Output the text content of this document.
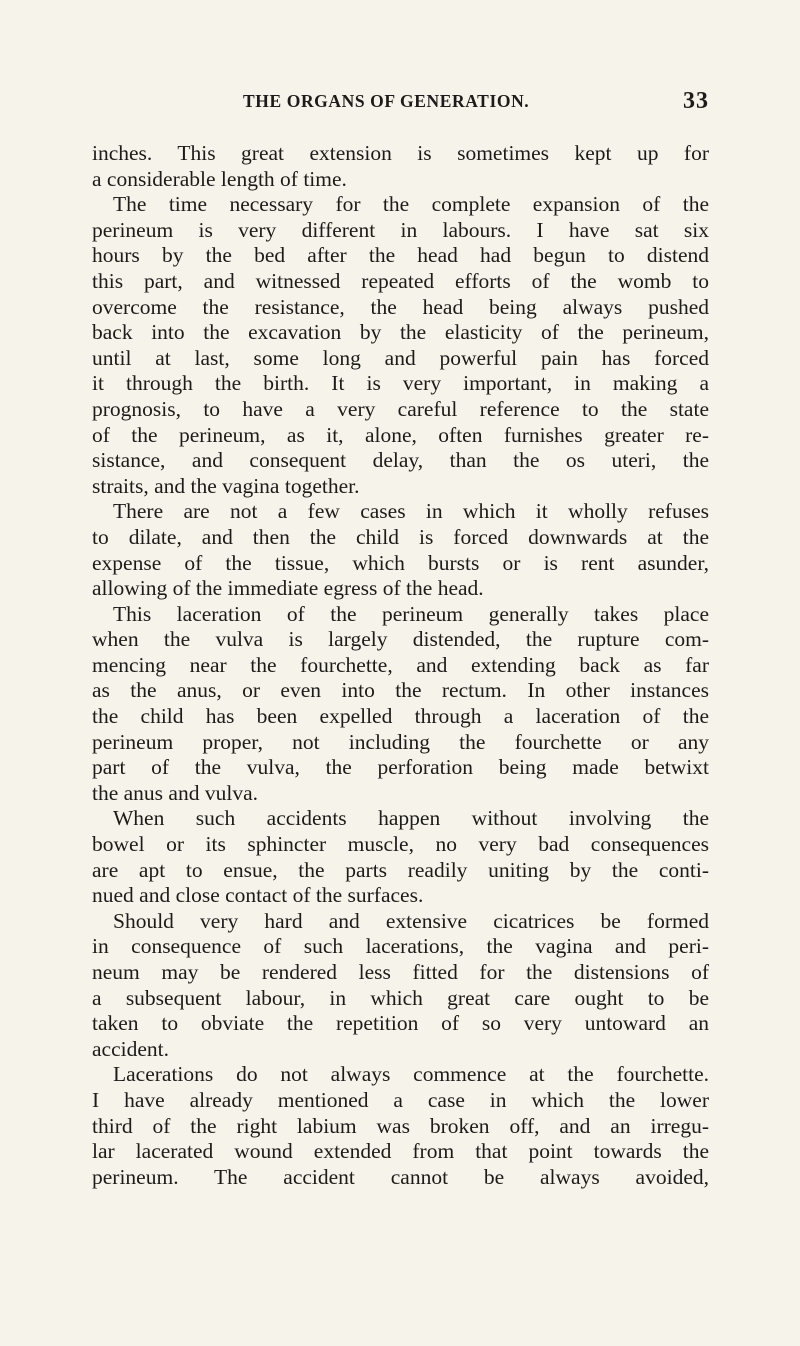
THE ORGANS OF GENERATION.	33
inches. This great extension is sometimes kept up for
a considerable length of time.
The time necessary for the complete expansion of the
perineum is very different in labours. I have sat six
hours by the bed after the head had begun to distend
this part, and witnessed repeated efforts of the womb to
overcome the resistance, the head being always pushed
back into the excavation by the elasticity of the perineum,
until at last, some long and powerful pain has forced
it through the birth. It is very important, in making a
prognosis, to have a very careful reference to the state
of the perineum, as it, alone, often furnishes greater re-
sistance, and consequent delay, than the os uteri, the
straits, and the vagina together.
There are not a few cases in which it wholly refuses
to dilate, and then the child is forced downwards at the
expense of the tissue, which bursts or is rent asunder,
allowing of the immediate egress of the head.
This laceration of the perineum generally takes place
when the vulva is largely distended, the rupture com-
mencing near the fourchette, and extending back as far
as the anus, or even into the rectum. In other instances
the child has been expelled through a laceration of the
perineum proper, not including the fourchette or any
part of the vulva, the perforation being made betwixt
the anus and vulva.
When such accidents happen without involving the
bowel or its sphincter muscle, no very bad consequences
are apt to ensue, the parts readily uniting by the conti-
nued and close contact of the surfaces.
Should very hard and extensive cicatrices be formed
in consequence of such lacerations, the vagina and peri-
neum may be rendered less fitted for the distensions of
a subsequent labour, in which great care ought to be
taken to obviate the repetition of so very untoward an
accident.
Lacerations do not always commence at the fourchette.
I have already mentioned a case in which the lower
third of the right labium was broken off, and an irregu-
lar lacerated wound extended from that point towards the
perineum. The accident cannot be always avoided,
